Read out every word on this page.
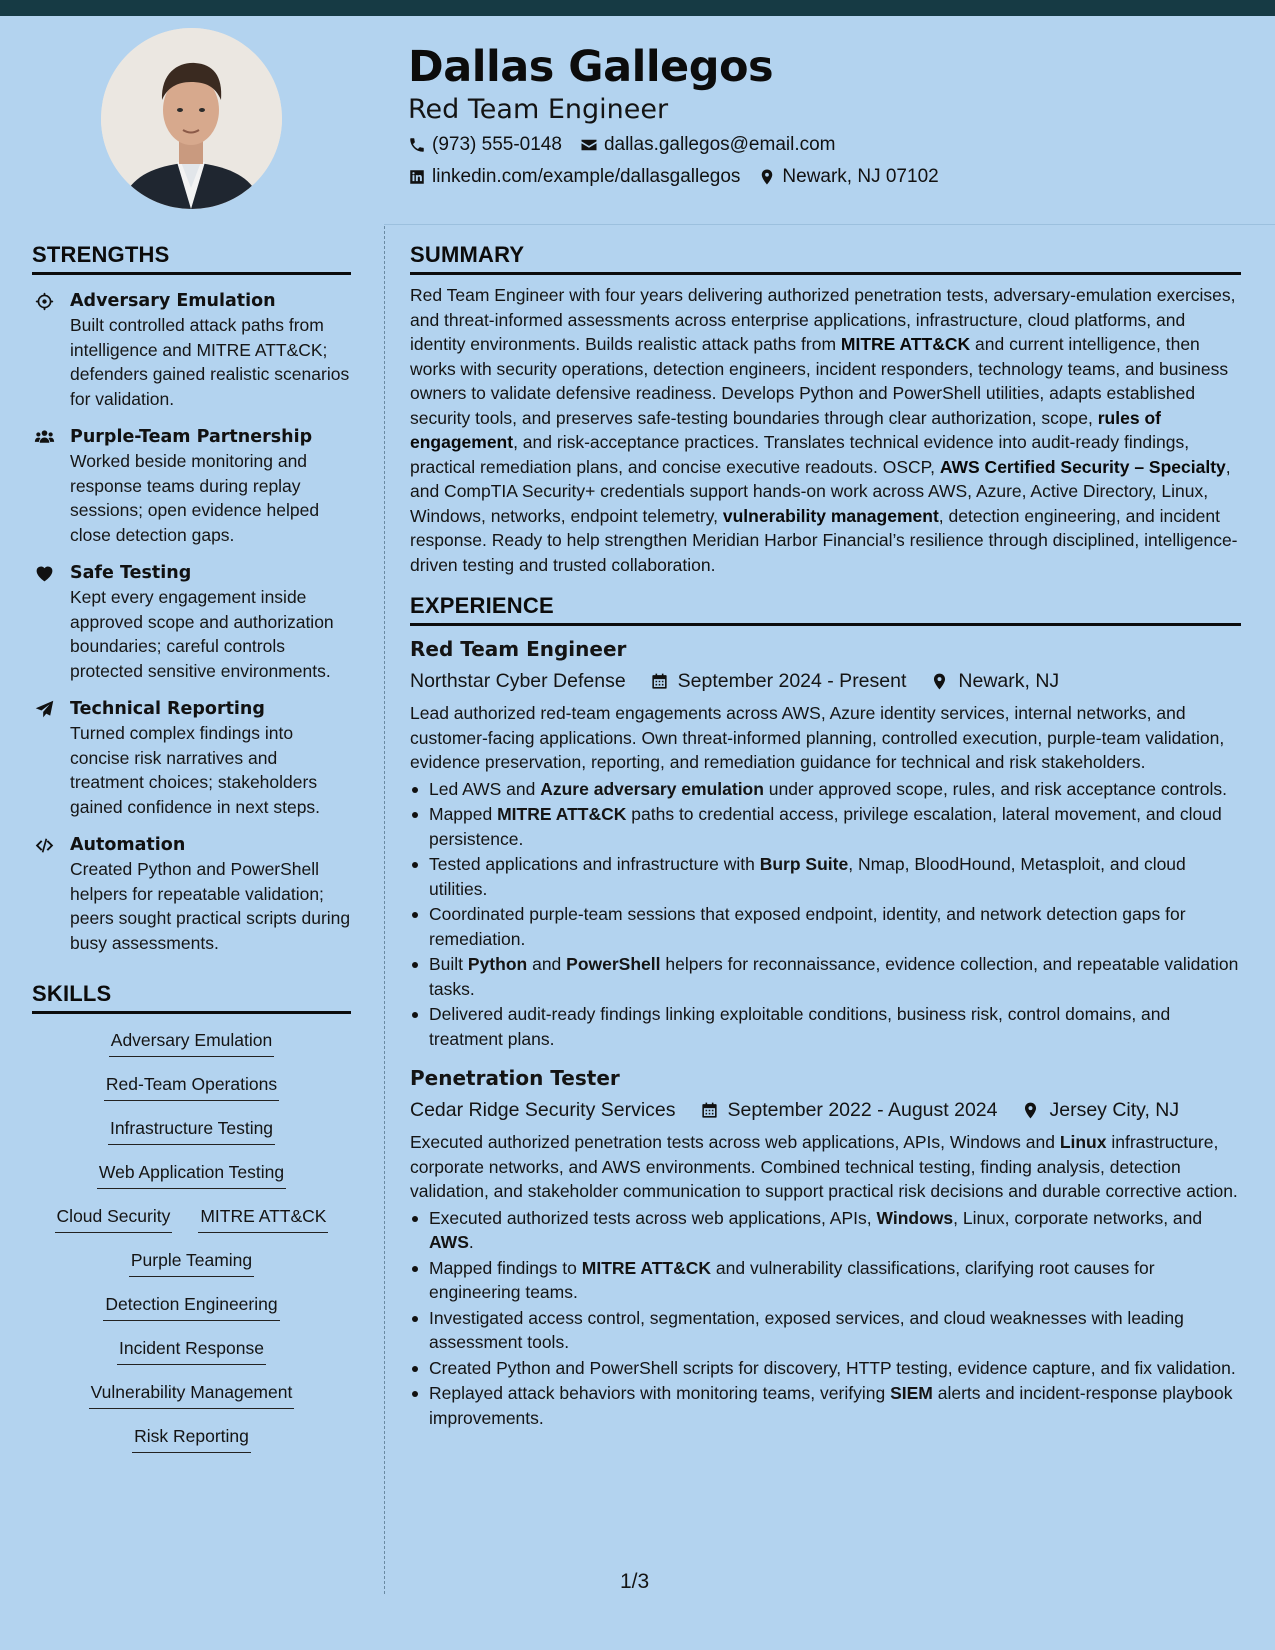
Dallas Gallegos
Red Team Engineer
(973) 555-0148 dallas.gallegos@email.com
linkedin.com/example/dallasgallegos Newark, NJ 07102
STRENGTHS
Adversary Emulation
Built controlled attack paths from intelligence and MITRE ATT&CK; defenders gained realistic scenarios for validation.
Purple-Team Partnership
Worked beside monitoring and response teams during replay sessions; open evidence helped close detection gaps.
Safe Testing
Kept every engagement inside approved scope and authorization boundaries; careful controls protected sensitive environments.
Technical Reporting
Turned complex findings into concise risk narratives and treatment choices; stakeholders gained confidence in next steps.
Automation
Created Python and PowerShell helpers for repeatable validation; peers sought practical scripts during busy assessments.
SKILLS
Adversary Emulation
Red-Team Operations
Infrastructure Testing
Web Application Testing
Cloud Security MITRE ATT&CK
Purple Teaming
Detection Engineering
Incident Response
Vulnerability Management
Risk Reporting
SUMMARY

Red Team Engineer with four years delivering authorized penetration tests, adversary-emulation exercises, and threat-informed assessments across enterprise applications, infrastructure, cloud platforms, and identity environments. Builds realistic attack paths from MITRE ATT&CK and current intelligence, then works with security operations, detection engineers, incident responders, technology teams, and business owners to validate defensive readiness. Develops Python and PowerShell utilities, adapts established security tools, and preserves safe-testing boundaries through clear authorization, scope, rules of engagement, and risk-acceptance practices. Translates technical evidence into audit-ready findings, practical remediation plans, and concise executive readouts. OSCP, AWS Certified Security – Specialty, and CompTIA Security+ credentials support hands-on work across AWS, Azure, Active Directory, Linux, Windows, networks, endpoint telemetry, vulnerability management, detection engineering, and incident response. Ready to help strengthen Meridian Harbor Financial’s resilience through disciplined, intelligence-driven testing and trusted collaboration.

EXPERIENCE
Red Team Engineer
Northstar Cyber Defense	September 2024 - Present	Newark, NJ

Lead authorized red-team engagements across AWS, Azure identity services, internal networks, and customer-facing applications. Own threat-informed planning, controlled execution, purple-team validation, evidence preservation, reporting, and remediation guidance for technical and risk stakeholders.

Led AWS and Azure adversary emulation under approved scope, rules, and risk acceptance controls.
Mapped MITRE ATT&CK paths to credential access, privilege escalation, lateral movement, and cloud persistence.
Tested applications and infrastructure with Burp Suite, Nmap, BloodHound, Metasploit, and cloud utilities.
Coordinated purple-team sessions that exposed endpoint, identity, and network detection gaps for remediation.
Built Python and PowerShell helpers for reconnaissance, evidence collection, and repeatable validation tasks.
Delivered audit-ready findings linking exploitable conditions, business risk, control domains, and treatment plans.
Penetration Tester
Cedar Ridge Security Services	September 2022 - August 2024	Jersey City, NJ

Executed authorized penetration tests across web applications, APIs, Windows and Linux infrastructure, corporate networks, and AWS environments. Combined technical testing, finding analysis, detection validation, and stakeholder communication to support practical risk decisions and durable corrective action.

Executed authorized tests across web applications, APIs, Windows, Linux, corporate networks, and AWS.
Mapped findings to MITRE ATT&CK and vulnerability classifications, clarifying root causes for engineering teams.
Investigated access control, segmentation, exposed services, and cloud weaknesses with leading assessment tools.
Created Python and PowerShell scripts for discovery, HTTP testing, evidence capture, and fix validation.
Replayed attack behaviors with monitoring teams, verifying SIEM alerts and incident-response playbook improvements.
1/3
